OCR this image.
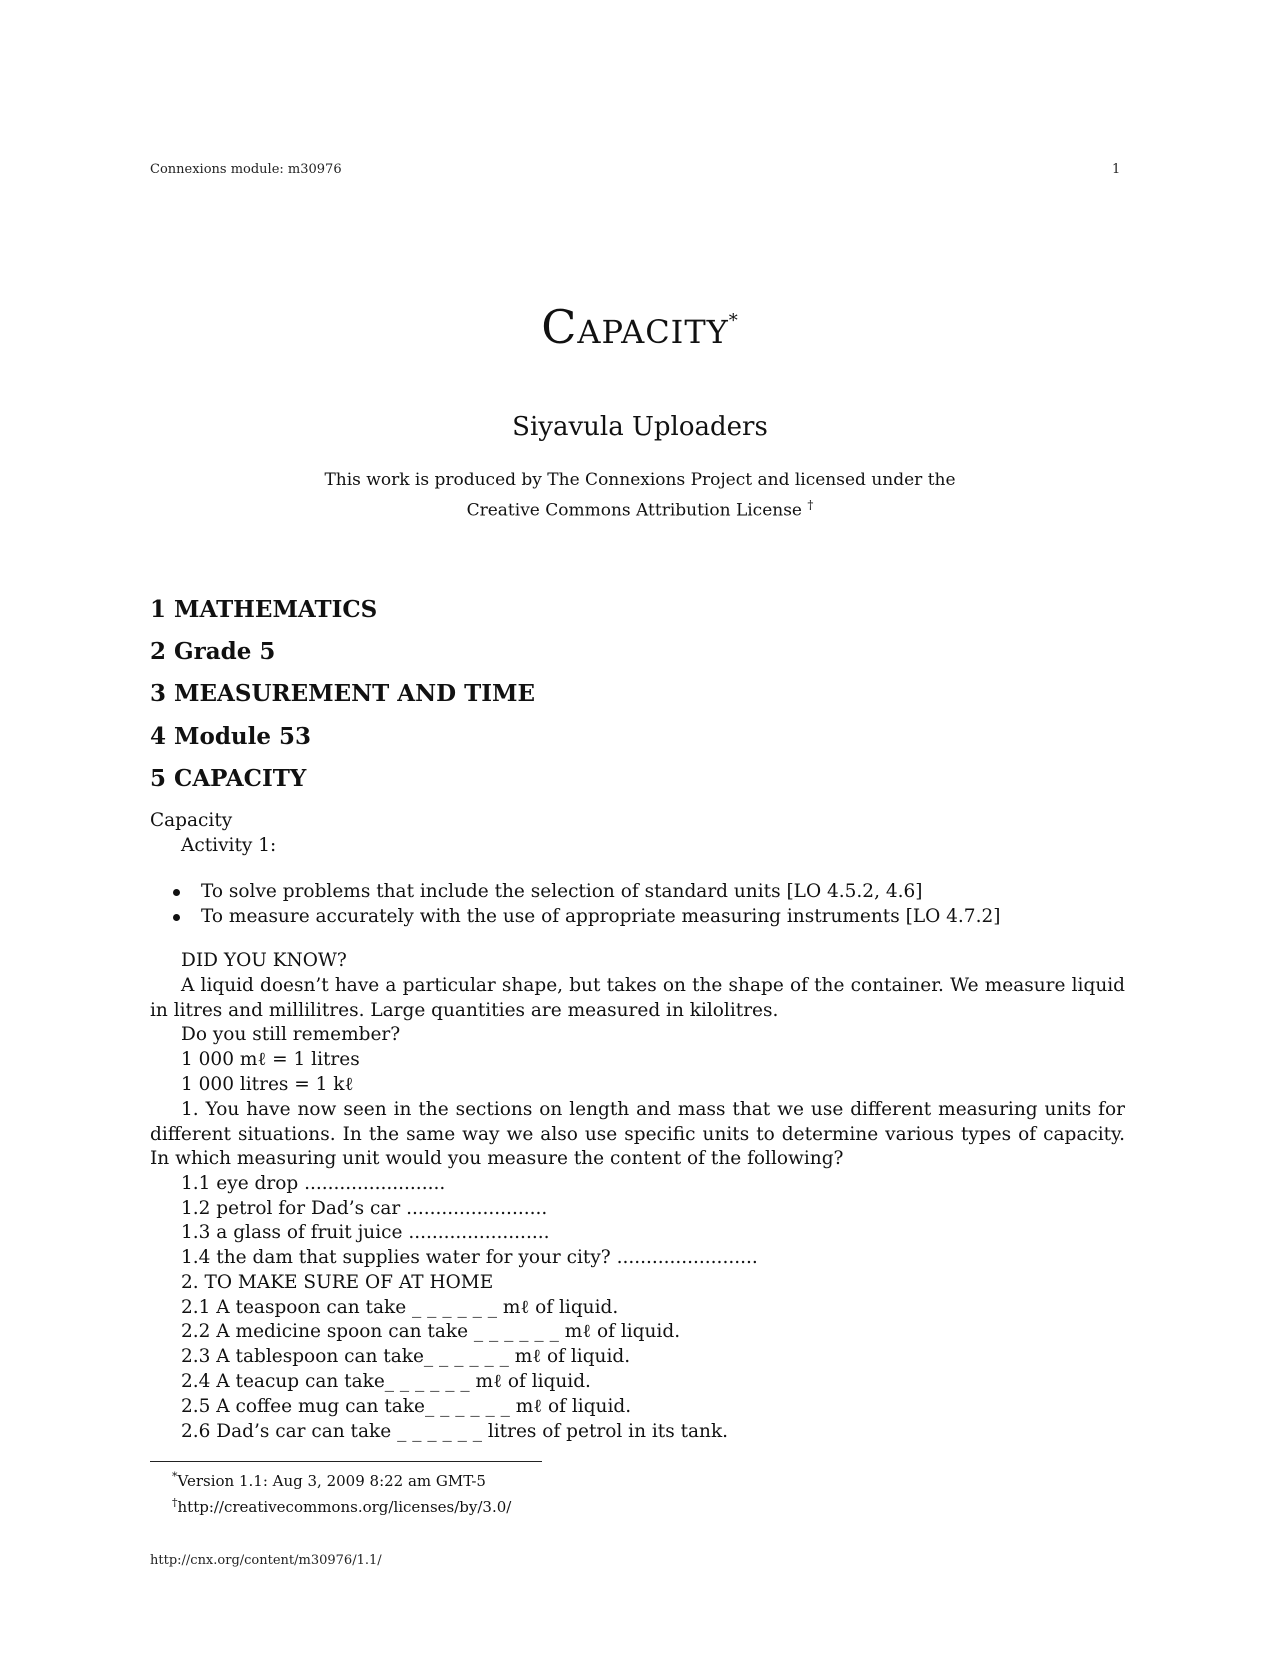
Connexions module: m30976	1
Capacity*
Siyavula Uploaders
This work is produced by The Connexions Project and licensed under the
Creative Commons Attribution License †
1 MATHEMATICS
2 Grade 5
3 MEASUREMENT AND TIME
4 Module 53
5 CAPACITY
Capacity
Activity 1:
To solve problems that include the selection of standard units [LO 4.5.2, 4.6]
To measure accurately with the use of appropriate measuring instruments [LO 4.7.2]
DID YOU KNOW?
A liquid doesn’t have a particular shape, but takes on the shape of the container. We measure liquid in litres and millilitres. Large quantities are measured in kilolitres.
Do you still remember?
1 000 mℓ = 1 litres
1 000 litres = 1 kℓ
1. You have now seen in the sections on length and mass that we use different measuring units for different situations. In the same way we also use specific units to determine various types of capacity. In which measuring unit would you measure the content of the following?
1.1 eye drop ........................
1.2 petrol for Dad’s car ........................
1.3 a glass of fruit juice ........................
1.4 the dam that supplies water for your city? ........................
2. TO MAKE SURE OF AT HOME
2.1 A teaspoon can take _ _ _ _ _ _ mℓ of liquid.
2.2 A medicine spoon can take _ _ _ _ _ _ mℓ of liquid.
2.3 A tablespoon can take_ _ _ _ _ _ mℓ of liquid.
2.4 A teacup can take_ _ _ _ _ _ mℓ of liquid.
2.5 A coffee mug can take_ _ _ _ _ _ mℓ of liquid.
2.6 Dad’s car can take _ _ _ _ _ _ litres of petrol in its tank.
*Version 1.1: Aug 3, 2009 8:22 am GMT-5
†http://creativecommons.org/licenses/by/3.0/
http://cnx.org/content/m30976/1.1/
